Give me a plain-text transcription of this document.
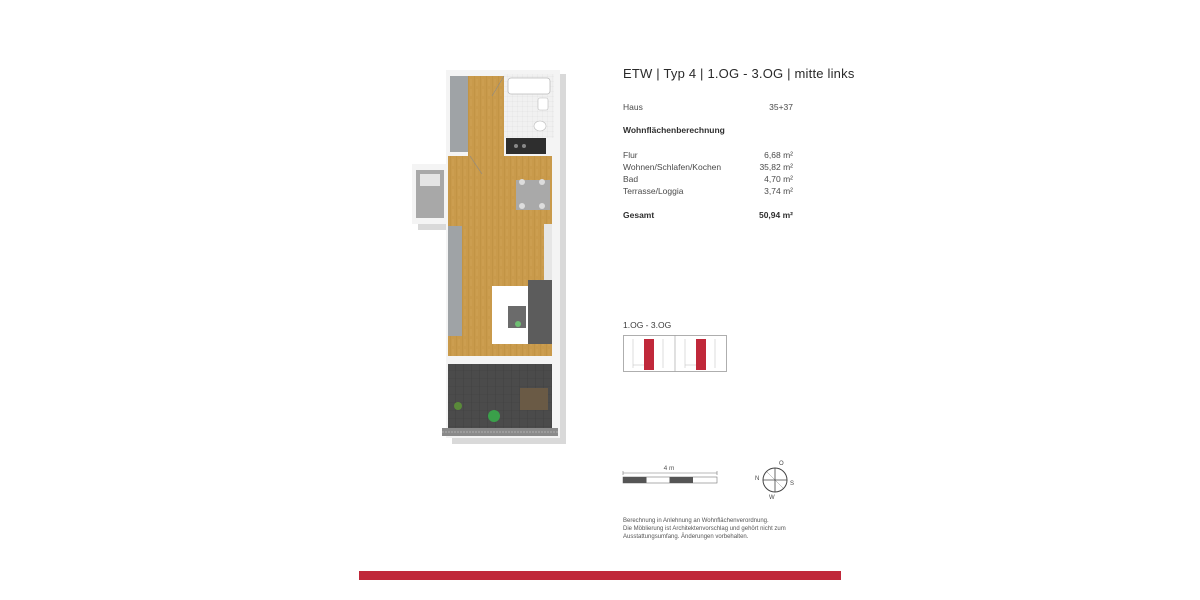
ETW | Typ 4 | 1.OG - 3.OG | mitte links
Haus	35+37
Wohnflächenberechnung
Flur	6,68 m²
Wohnen/Schlafen/Kochen	35,82 m²
Bad	4,70 m²
Terrasse/Loggia	3,74 m²
Gesamt	50,94 m²
1.OG - 3.OG
4 m
O
N
W
S
Berechnung in Anlehnung an Wohnflächenverordnung.
Die Möblierung ist Architektenvorschlag und gehört nicht zum
Ausstattungsumfang. Änderungen vorbehalten.
